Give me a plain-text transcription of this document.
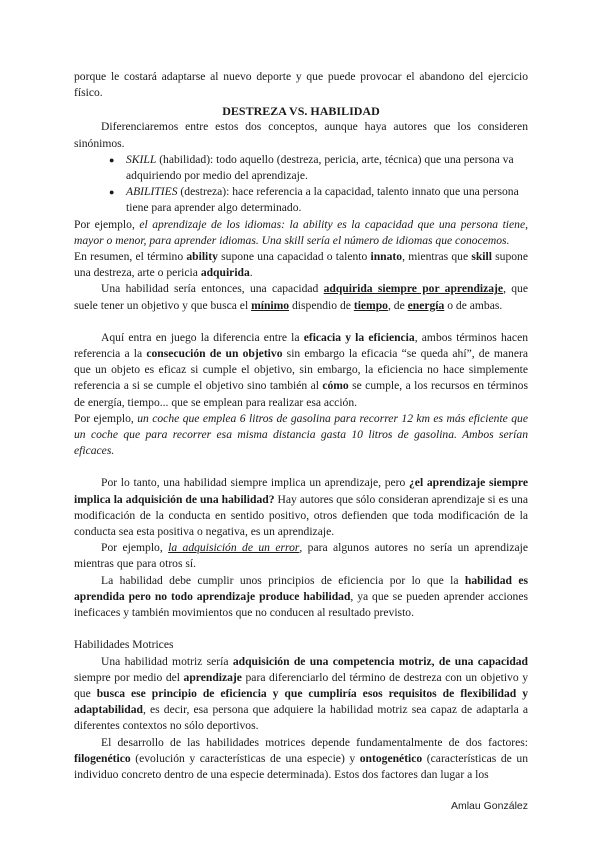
porque le costará adaptarse al nuevo deporte y que puede provocar el abandono del ejercicio físico.

DESTREZA VS. HABILIDAD

Diferenciaremos entre estos dos conceptos, aunque haya autores que los consideren sinónimos.

● SKILL (habilidad): todo aquello (destreza, pericia, arte, técnica) que una persona va adquiriendo por medio del aprendizaje.
● ABILITIES (destreza): hace referencia a la capacidad, talento innato que una persona tiene para aprender algo determinado.

Por ejemplo, el aprendizaje de los idiomas: la ability es la capacidad que una persona tiene, mayor o menor, para aprender idiomas. Una skill sería el número de idiomas que conocemos.

En resumen, el término ability supone una capacidad o talento innato, mientras que skill supone una destreza, arte o pericia adquirida.

Una habilidad sería entonces, una capacidad adquirida siempre por aprendizaje, que suele tener un objetivo y que busca el mínimo dispendio de tiempo, de energía o de ambas.

Aquí entra en juego la diferencia entre la eficacia y la eficiencia, ambos términos hacen referencia a la consecución de un objetivo sin embargo la eficacia “se queda ahí”, de manera que un objeto es eficaz si cumple el objetivo, sin embargo, la eficiencia no hace simplemente referencia a si se cumple el objetivo sino también al cómo se cumple, a los recursos en términos de energía, tiempo... que se emplean para realizar esa acción.

Por ejemplo, un coche que emplea 6 litros de gasolina para recorrer 12 km es más eficiente que un coche que para recorrer esa misma distancia gasta 10 litros de gasolina. Ambos serían eficaces.

Por lo tanto, una habilidad siempre implica un aprendizaje, pero ¿el aprendizaje siempre implica la adquisición de una habilidad? Hay autores que sólo consideran aprendizaje si es una modificación de la conducta en sentido positivo, otros defienden que toda modificación de la conducta sea esta positiva o negativa, es un aprendizaje.

Por ejemplo, la adquisición de un error, para algunos autores no sería un aprendizaje mientras que para otros sí.

La habilidad debe cumplir unos principios de eficiencia por lo que la habilidad es aprendida pero no todo aprendizaje produce habilidad, ya que se pueden aprender acciones ineficaces y también movimientos que no conducen al resultado previsto.

Habilidades Motrices

Una habilidad motriz sería adquisición de una competencia motriz, de una capacidad siempre por medio del aprendizaje para diferenciarlo del término de destreza con un objetivo y que busca ese principio de eficiencia y que cumpliría esos requisitos de flexibilidad y adaptabilidad, es decir, esa persona que adquiere la habilidad motriz sea capaz de adaptarla a diferentes contextos no sólo deportivos.

El desarrollo de las habilidades motrices depende fundamentalmente de dos factores: filogenético (evolución y características de una especie) y ontogenético (características de un individuo concreto dentro de una especie determinada). Estos dos factores dan lugar a los

Amlau González
